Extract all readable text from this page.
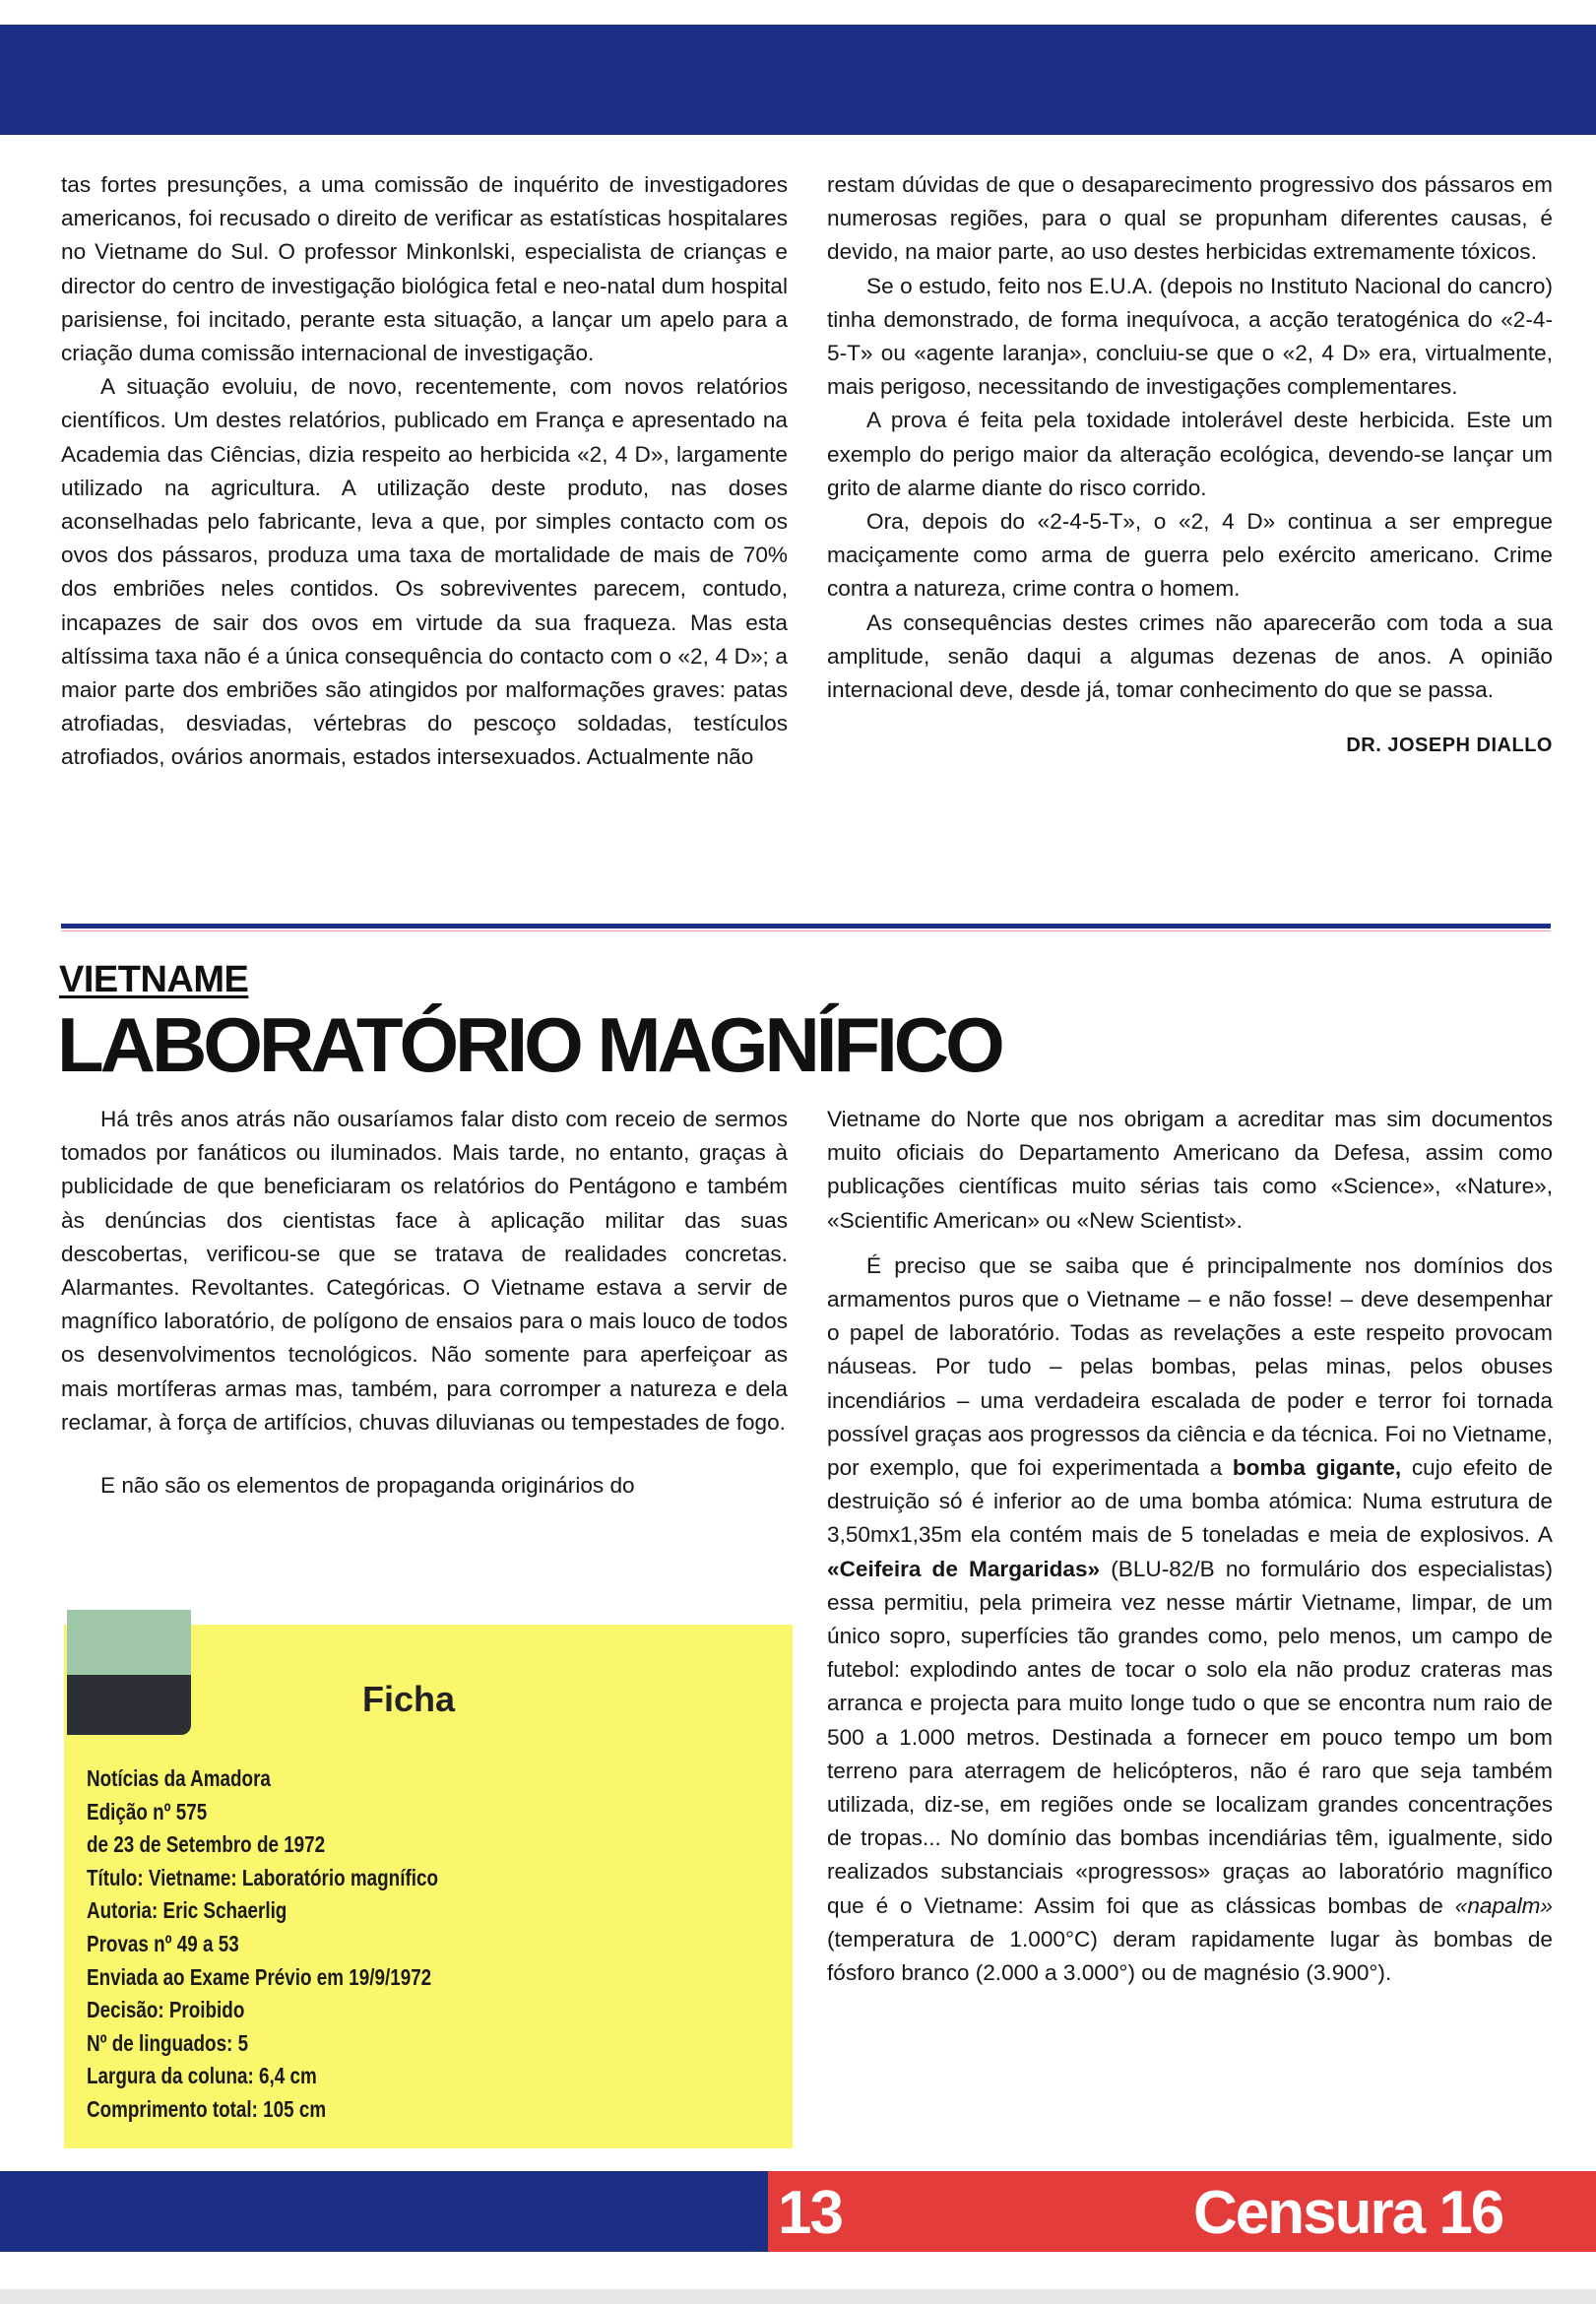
tas fortes presunções, a uma comissão de inquérito de investigadores americanos, foi recusado o direito de verificar as estatísticas hospitalares no Vietname do Sul. O professor Minkonlski, especialista de crianças e director do centro de investigação biológica fetal e neo-natal dum hospital parisiense, foi incitado, perante esta situação, a lançar um apelo para a criação duma comissão internacional de investigação.

A situação evoluiu, de novo, recentemente, com novos relatórios científicos. Um destes relatórios, publicado em França e apresentado na Academia das Ciências, dizia respeito ao herbicida «2, 4 D», largamente utilizado na agricultura. A utilização deste produto, nas doses aconselhadas pelo fabricante, leva a que, por simples contacto com os ovos dos pássaros, produza uma taxa de mortalidade de mais de 70% dos embriões neles contidos. Os sobreviventes parecem, contudo, incapazes de sair dos ovos em virtude da sua fraqueza. Mas esta altíssima taxa não é a única consequência do contacto com o «2, 4 D»; a maior parte dos embriões são atingidos por malformações graves: patas atrofiadas, desviadas, vértebras do pescoço soldadas, testículos atrofiados, ovários anormais, estados intersexuados. Actualmente não

restam dúvidas de que o desaparecimento progressivo dos pássaros em numerosas regiões, para o qual se propunham diferentes causas, é devido, na maior parte, ao uso destes herbicidas extremamente tóxicos.

Se o estudo, feito nos E.U.A. (depois no Instituto Nacional do cancro) tinha demonstrado, de forma inequívoca, a acção teratogénica do «2-4-5-T» ou «agente laranja», concluiu-se que o «2, 4 D» era, virtualmente, mais perigoso, necessitando de investigações complementares.

A prova é feita pela toxidade intolerável deste herbicida. Este um exemplo do perigo maior da alteração ecológica, devendo-se lançar um grito de alarme diante do risco corrido.

Ora, depois do «2-4-5-T», o «2, 4 D» continua a ser empregue maciçamente como arma de guerra pelo exército americano. Crime contra a natureza, crime contra o homem.

As consequências destes crimes não aparecerão com toda a sua amplitude, senão daqui a algumas dezenas de anos. A opinião internacional deve, desde já, tomar conhecimento do que se passa.

DR. JOSEPH DIALLO
VIETNAME
LABORATÓRIO MAGNÍFICO

Há três anos atrás não ousaríamos falar disto com receio de sermos tomados por fanáticos ou iluminados. Mais tarde, no entanto, graças à publicidade de que beneficiaram os relatórios do Pentágono e também às denúncias dos cientistas face à aplicação militar das suas descobertas, verificou-se que se tratava de realidades concretas. Alarmantes. Revoltantes. Categóricas. O Vietname estava a servir de magnífico laboratório, de polígono de ensaios para o mais louco de todos os desenvolvimentos tecnológicos. Não somente para aperfeiçoar as mais mortíferas armas mas, também, para corromper a natureza e dela reclamar, à força de artifícios, chuvas diluvianas ou tempestades de fogo.

E não são os elementos de propaganda originários do

Ficha
Notícias da Amadora
Edição nº 575
de 23 de Setembro de 1972
Título: Vietname: Laboratório magnífico
Autoria: Eric Schaerlig
Provas nº 49 a 53
Enviada ao Exame Prévio em 19/9/1972
Decisão: Proibido
Nº de linguados: 5
Largura da coluna: 6,4 cm
Comprimento total: 105 cm

Vietname do Norte que nos obrigam a acreditar mas sim documentos muito oficiais do Departamento Americano da Defesa, assim como publicações científicas muito sérias tais como «Science», «Nature», «Scientific American» ou «New Scientist».

É preciso que se saiba que é principalmente nos domínios dos armamentos puros que o Vietname – e não fosse! – deve desempenhar o papel de laboratório. Todas as revelações a este respeito provocam náuseas. Por tudo – pelas bombas, pelas minas, pelos obuses incendiários – uma verdadeira escalada de poder e terror foi tornada possível graças aos progressos da ciência e da técnica. Foi no Vietname, por exemplo, que foi experimentada a bomba gigante, cujo efeito de destruição só é inferior ao de uma bomba atómica: Numa estrutura de 3,50mx1,35m ela contém mais de 5 toneladas e meia de explosivos. A «Ceifeira de Margaridas» (BLU-82/B no formulário dos especialistas) essa permitiu, pela primeira vez nesse mártir Vietname, limpar, de um único sopro, superfícies tão grandes como, pelo menos, um campo de futebol: explodindo antes de tocar o solo ela não produz crateras mas arranca e projecta para muito longe tudo o que se encontra num raio de 500 a 1.000 metros. Destinada a fornecer em pouco tempo um bom terreno para aterragem de helicópteros, não é raro que seja também utilizada, diz-se, em regiões onde se localizam grandes concentrações de tropas... No domínio das bombas incendiárias têm, igualmente, sido realizados substanciais «progressos» graças ao laboratório magnífico que é o Vietname: Assim foi que as clássicas bombas de «napalm» (temperatura de 1.000°C) deram rapidamente lugar às bombas de fósforo branco (2.000 a 3.000°) ou de magnésio (3.900°).

13	Censura 16
